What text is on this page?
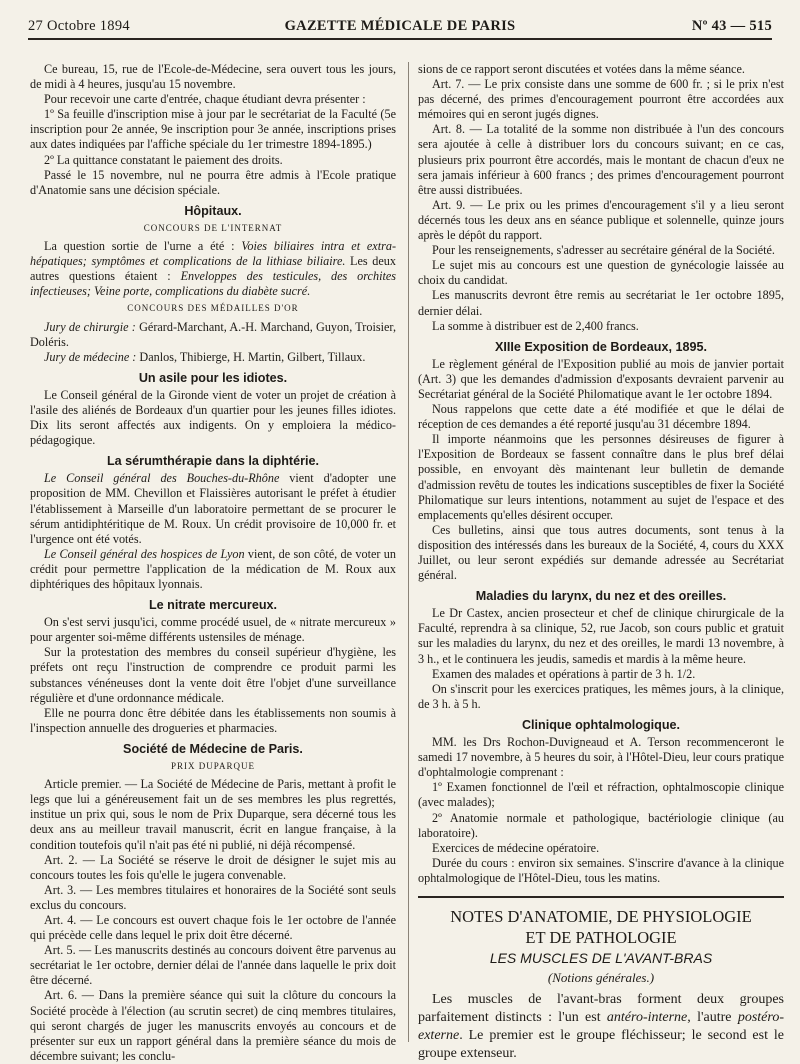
27 Octobre 1894	GAZETTE MÉDICALE DE PARIS	Nº 43 — 515

Ce bureau, 15, rue de l'Ecole-de-Médecine, sera ouvert tous les jours, de midi à 4 heures, jusqu'au 15 novembre.

Pour recevoir une carte d'entrée, chaque étudiant devra présenter :

1º Sa feuille d'inscription mise à jour par le secrétariat de la Faculté (5e inscription pour 2e année, 9e inscription pour 3e année, inscriptions prises aux dates indiquées par l'affiche spéciale du 1er trimestre 1894-1895.)

2º La quittance constatant le paiement des droits.

Passé le 15 novembre, nul ne pourra être admis à l'Ecole pratique d'Anatomie sans une décision spéciale.

Hôpitaux.
CONCOURS DE L'INTERNAT

La question sortie de l'urne a été : Voies biliaires intra et extra-hépatiques; symptômes et complications de la lithiase biliaire. Les deux autres questions étaient : Enveloppes des testicules, des orchites infectieuses; Veine porte, complications du diabète sucré.

CONCOURS DES MÉDAILLES D'OR

Jury de chirurgie : Gérard-Marchant, A.-H. Marchand, Guyon, Troisier, Doléris.

Jury de médecine : Danlos, Thibierge, H. Martin, Gilbert, Tillaux.

Un asile pour les idiotes.

Le Conseil général de la Gironde vient de voter un projet de création à l'asile des aliénés de Bordeaux d'un quartier pour les jeunes filles idiotes. Dix lits seront affectés aux indigents. On y emploiera la médico-pédagogique.

La sérumthérapie dans la diphtérie.

Le Conseil général des Bouches-du-Rhône vient d'adopter une proposition de MM. Chevillon et Flaissières autorisant le préfet à étudier l'établissement à Marseille d'un laboratoire permettant de se procurer le sérum antidiphtéritique de M. Roux. Un crédit provisoire de 10,000 fr. et l'urgence ont été votés.

Le Conseil général des hospices de Lyon vient, de son côté, de voter un crédit pour permettre l'application de la médication de M. Roux aux diphtériques des hôpitaux lyonnais.

Le nitrate mercureux.

On s'est servi jusqu'ici, comme procédé usuel, de « nitrate mercureux » pour argenter soi-même différents ustensiles de ménage.

Sur la protestation des membres du conseil supérieur d'hygiène, les préfets ont reçu l'instruction de comprendre ce produit parmi les substances vénéneuses dont la vente doit être l'objet d'une surveillance régulière et d'une ordonnance médicale.

Elle ne pourra donc être débitée dans les établissements non soumis à l'inspection annuelle des drogueries et pharmacies.

Société de Médecine de Paris.
PRIX DUPARQUE

Article premier. — La Société de Médecine de Paris, mettant à profit le legs que lui a généreusement fait un de ses membres les plus regrettés, institue un prix qui, sous le nom de Prix Duparque, sera décerné tous les deux ans au meilleur travail manuscrit, écrit en langue française, à la condition toutefois qu'il n'ait pas été ni publié, ni déjà récompensé.

Art. 2. — La Société se réserve le droit de désigner le sujet mis au concours toutes les fois qu'elle le jugera convenable.

Art. 3. — Les membres titulaires et honoraires de la Société sont seuls exclus du concours.

Art. 4. — Le concours est ouvert chaque fois le 1er octobre de l'année qui précède celle dans lequel le prix doit être décerné.

Art. 5. — Les manuscrits destinés au concours doivent être parvenus au secrétariat le 1er octobre, dernier délai de l'année dans laquelle le prix doit être décerné.

Art. 6. — Dans la première séance qui suit la clôture du concours la Société procède à l'élection (au scrutin secret) de cinq membres titulaires, qui seront chargés de juger les manuscrits envoyés au concours et de présenter sur eux un rapport général dans la première séance du mois de décembre suivant; les conclu-

sions de ce rapport seront discutées et votées dans la même séance.

Art. 7. — Le prix consiste dans une somme de 600 fr. ; si le prix n'est pas décerné, des primes d'encouragement pourront être accordées aux mémoires qui en seront jugés dignes.

Art. 8. — La totalité de la somme non distribuée à l'un des concours sera ajoutée à celle à distribuer lors du concours suivant; en ce cas, plusieurs prix pourront être accordés, mais le montant de chacun d'eux ne sera jamais inférieur à 600 francs ; des primes d'encouragement pourront être aussi distribuées.

Art. 9. — Le prix ou les primes d'encouragement s'il y a lieu seront décernés tous les deux ans en séance publique et solennelle, quinze jours après le dépôt du rapport.

Pour les renseignements, s'adresser au secrétaire général de la Société.

Le sujet mis au concours est une question de gynécologie laissée au choix du candidat.

Les manuscrits devront être remis au secrétariat le 1er octobre 1895, dernier délai.

La somme à distribuer est de 2,400 francs.

XIIIe Exposition de Bordeaux, 1895.

Le règlement général de l'Exposition publié au mois de janvier portait (Art. 3) que les demandes d'admission d'exposants devraient parvenir au Secrétariat général de la Société Philomatique avant le 1er octobre 1894.

Nous rappelons que cette date a été modifiée et que le délai de réception de ces demandes a été reporté jusqu'au 31 décembre 1894.

Il importe néanmoins que les personnes désireuses de figurer à l'Exposition de Bordeaux se fassent connaître dans le plus bref délai possible, en envoyant dès maintenant leur bulletin de demande d'admission revêtu de toutes les indications susceptibles de fixer la Société Philomatique sur leurs intentions, notamment au sujet de l'espace et des emplacements qu'elles désirent occuper.

Ces bulletins, ainsi que tous autres documents, sont tenus à la disposition des intéressés dans les bureaux de la Société, 4, cours du XXX Juillet, ou leur seront expédiés sur demande adressée au Secrétariat général.

Maladies du larynx, du nez et des oreilles.

Le Dr Castex, ancien prosecteur et chef de clinique chirurgicale de la Faculté, reprendra à sa clinique, 52, rue Jacob, son cours public et gratuit sur les maladies du larynx, du nez et des oreilles, le mardi 13 novembre, à 3 h., et le continuera les jeudis, samedis et mardis à la même heure.

Examen des malades et opérations à partir de 3 h. 1/2.

On s'inscrit pour les exercices pratiques, les mêmes jours, à la clinique, de 3 h. à 5 h.

Clinique ophtalmologique.

MM. les Drs Rochon-Duvigneaud et A. Terson recommenceront le samedi 17 novembre, à 5 heures du soir, à l'Hôtel-Dieu, leur cours pratique d'ophtalmologie comprenant :

1º Examen fonctionnel de l'œil et réfraction, ophtalmoscopie clinique (avec malades);

2º Anatomie normale et pathologique, bactériologie clinique (au laboratoire).

Exercices de médecine opératoire.

Durée du cours : environ six semaines. S'inscrire d'avance à la clinique ophtalmologique de l'Hôtel-Dieu, tous les matins.

NOTES D'ANATOMIE, DE PHYSIOLOGIE
ET DE PATHOLOGIE
LES MUSCLES DE L'AVANT-BRAS
(Notions générales.)

Les muscles de l'avant-bras forment deux groupes parfaitement distincts : l'un est antéro-interne, l'autre postéro-externe. Le premier est le groupe fléchisseur; le second est le groupe extenseur.
